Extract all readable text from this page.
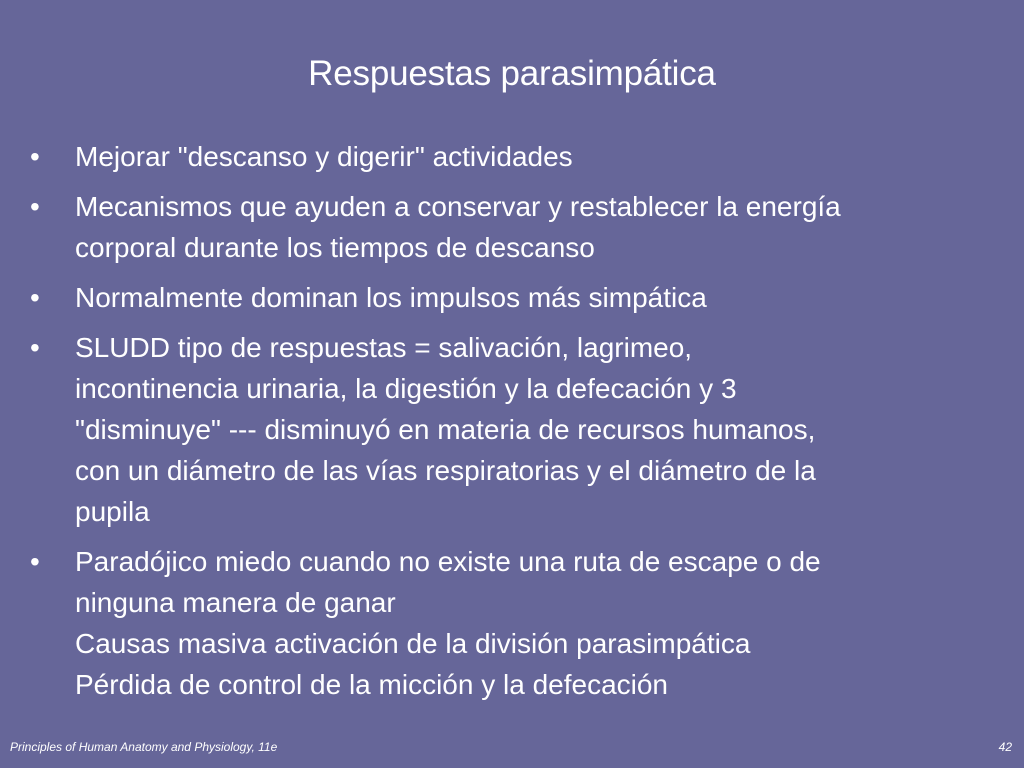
Respuestas parasimpática
• Mejorar "descanso y digerir" actividades
• Mecanismos que ayuden a conservar y restablecer la energía
corporal durante los tiempos de descanso
• Normalmente dominan los impulsos más simpática
• SLUDD tipo de respuestas = salivación, lagrimeo,
incontinencia urinaria, la digestión y la defecación y 3
"disminuye" --- disminuyó en materia de recursos humanos,
con un diámetro de las vías respiratorias y el diámetro de la
pupila
• Paradójico miedo cuando no existe una ruta de escape o de
ninguna manera de ganar
Causas masiva activación de la división parasimpática
Pérdida de control de la micción y la defecación
Principles of Human Anatomy and Physiology, 11e	42
